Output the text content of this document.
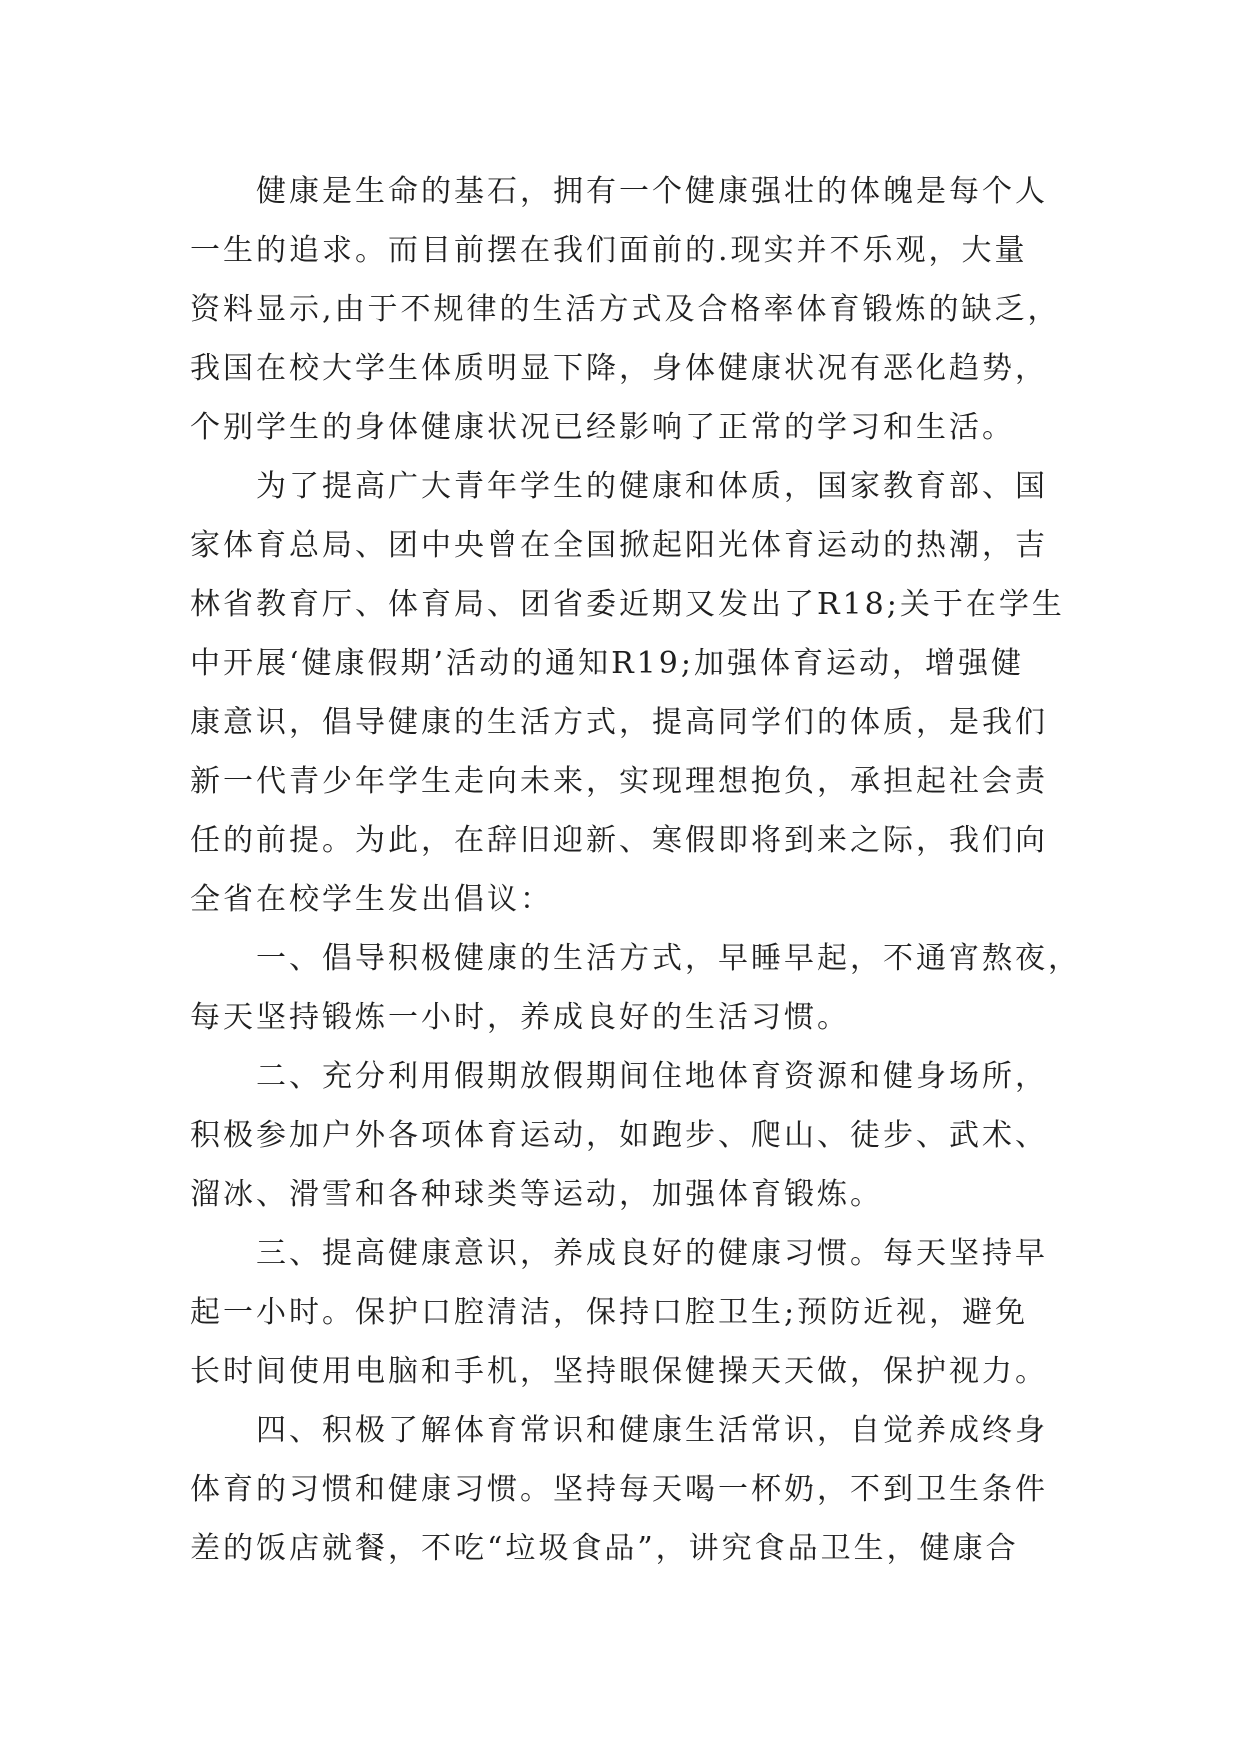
健康是生命的基石，拥有一个健康强壮的体魄是每个人
一生的追求。而目前摆在我们面前的.现实并不乐观，大量
资料显示,由于不规律的生活方式及合格率体育锻炼的缺乏，
我国在校大学生体质明显下降，身体健康状况有恶化趋势，
个别学生的身体健康状况已经影响了正常的学习和生活。
为了提高广大青年学生的健康和体质，国家教育部、国
家体育总局、团中央曾在全国掀起阳光体育运动的热潮，吉
林省教育厅、体育局、团省委近期又发出了R18;关于在学生
中开展‘健康假期’活动的通知R19;加强体育运动，增强健
康意识，倡导健康的生活方式，提高同学们的体质，是我们
新一代青少年学生走向未来，实现理想抱负，承担起社会责
任的前提。为此，在辞旧迎新、寒假即将到来之际，我们向
全省在校学生发出倡议：
一、倡导积极健康的生活方式，早睡早起，不通宵熬夜，
每天坚持锻炼一小时，养成良好的生活习惯。
二、充分利用假期放假期间住地体育资源和健身场所，
积极参加户外各项体育运动，如跑步、爬山、徒步、武术、
溜冰、滑雪和各种球类等运动，加强体育锻炼。
三、提高健康意识，养成良好的健康习惯。每天坚持早
起一小时。保护口腔清洁，保持口腔卫生;预防近视，避免
长时间使用电脑和手机，坚持眼保健操天天做，保护视力。
四、积极了解体育常识和健康生活常识，自觉养成终身
体育的习惯和健康习惯。坚持每天喝一杯奶，不到卫生条件
差的饭店就餐，不吃“垃圾食品”，讲究食品卫生，健康合
